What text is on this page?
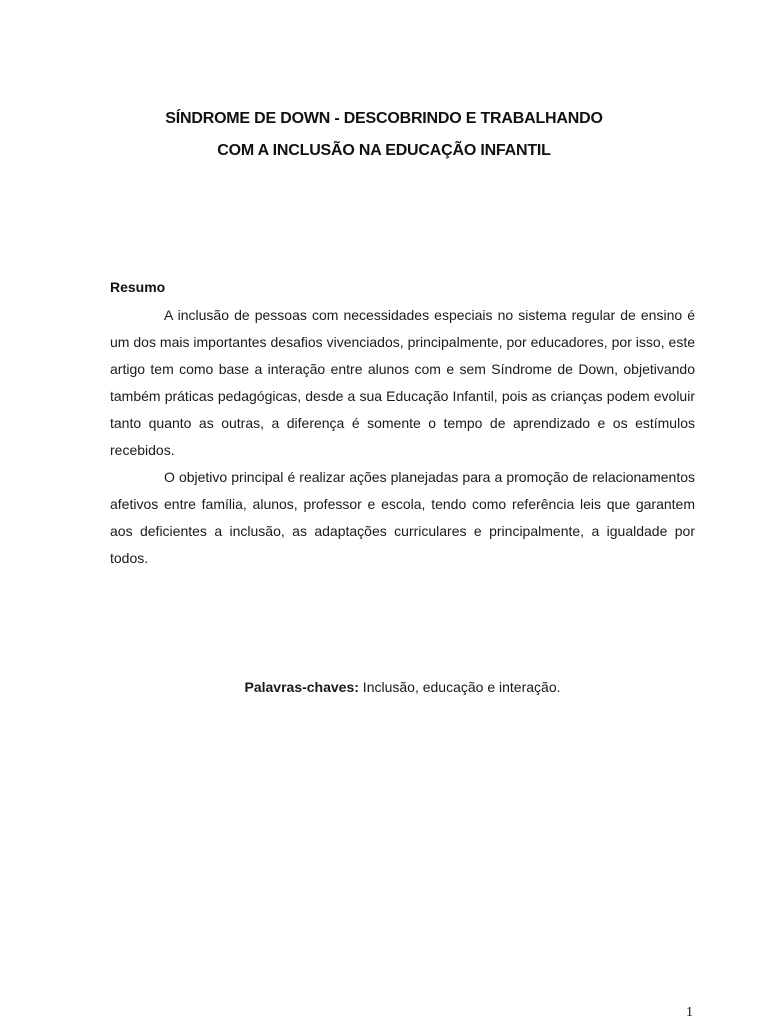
SÍNDROME DE DOWN - DESCOBRINDO E TRABALHANDO
COM A INCLUSÃO NA EDUCAÇÃO INFANTIL
Resumo

A inclusão de pessoas com necessidades especiais no sistema regular de ensino é um dos mais importantes desafios vivenciados, principalmente, por educadores, por isso, este artigo tem como base a interação entre alunos com e sem Síndrome de Down, objetivando também práticas pedagógicas, desde a sua Educação Infantil, pois as crianças podem evoluir tanto quanto as outras, a diferença é somente o tempo de aprendizado e os estímulos recebidos.

O objetivo principal é realizar ações planejadas para a promoção de relacionamentos afetivos entre família, alunos, professor e escola, tendo como referência leis que garantem aos deficientes a inclusão, as adaptações curriculares e principalmente, a igualdade por todos.

Palavras-chaves: Inclusão, educação e interação.
1
